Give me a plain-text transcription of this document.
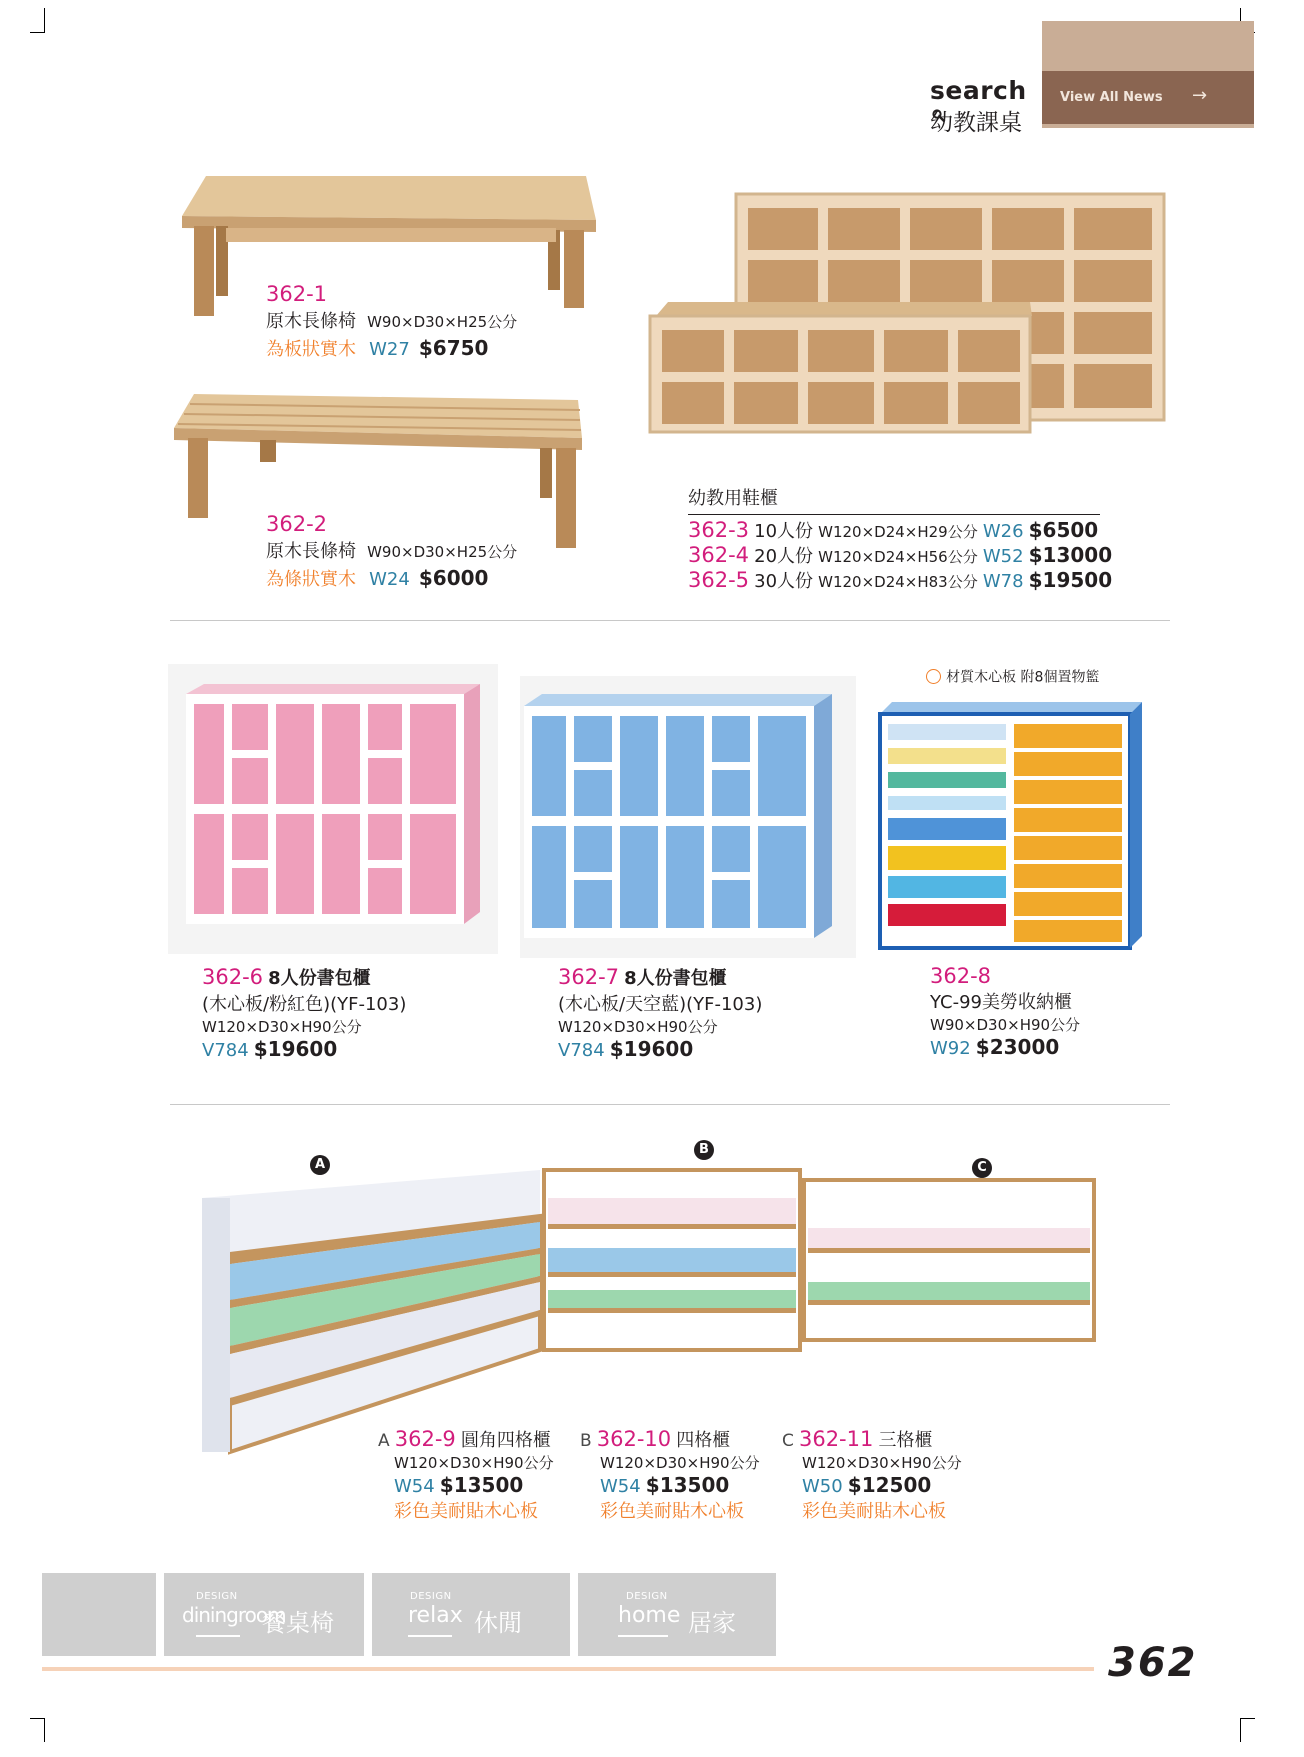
search
幼教課桌
View All News →
362-1
原木長條椅 W90×D30×H25公分
為板狀實木 W27 $6750
362-2
原木長條椅 W90×D30×H25公分
為條狀實木 W24 $6000
幼教用鞋櫃
362-3 10人份 W120×D24×H29公分 W26 $6500
362-4 20人份 W120×D24×H56公分 W52 $13000
362-5 30人份 W120×D24×H83公分 W78 $19500
材質木心板 附8個置物籃
362-6 8人份書包櫃
(木心板/粉紅色)(YF-103)
W120×D30×H90公分
V784 $19600
362-7 8人份書包櫃
(木心板/天空藍)(YF-103)
W120×D30×H90公分
V784 $19600
362-8
YC-99美勞收納櫃
W90×D30×H90公分
W92 $23000
A
B
C
A 362-9 圓角四格櫃
W120×D30×H90公分
W54 $13500
彩色美耐貼木心板
B 362-10 四格櫃
W120×D30×H90公分
W54 $13500
彩色美耐貼木心板
C 362-11 三格櫃
W120×D30×H90公分
W50 $12500
彩色美耐貼木心板
DESIGN
diningroom
餐桌椅
DESIGN
relax 休閒
DESIGN
home 居家
362
